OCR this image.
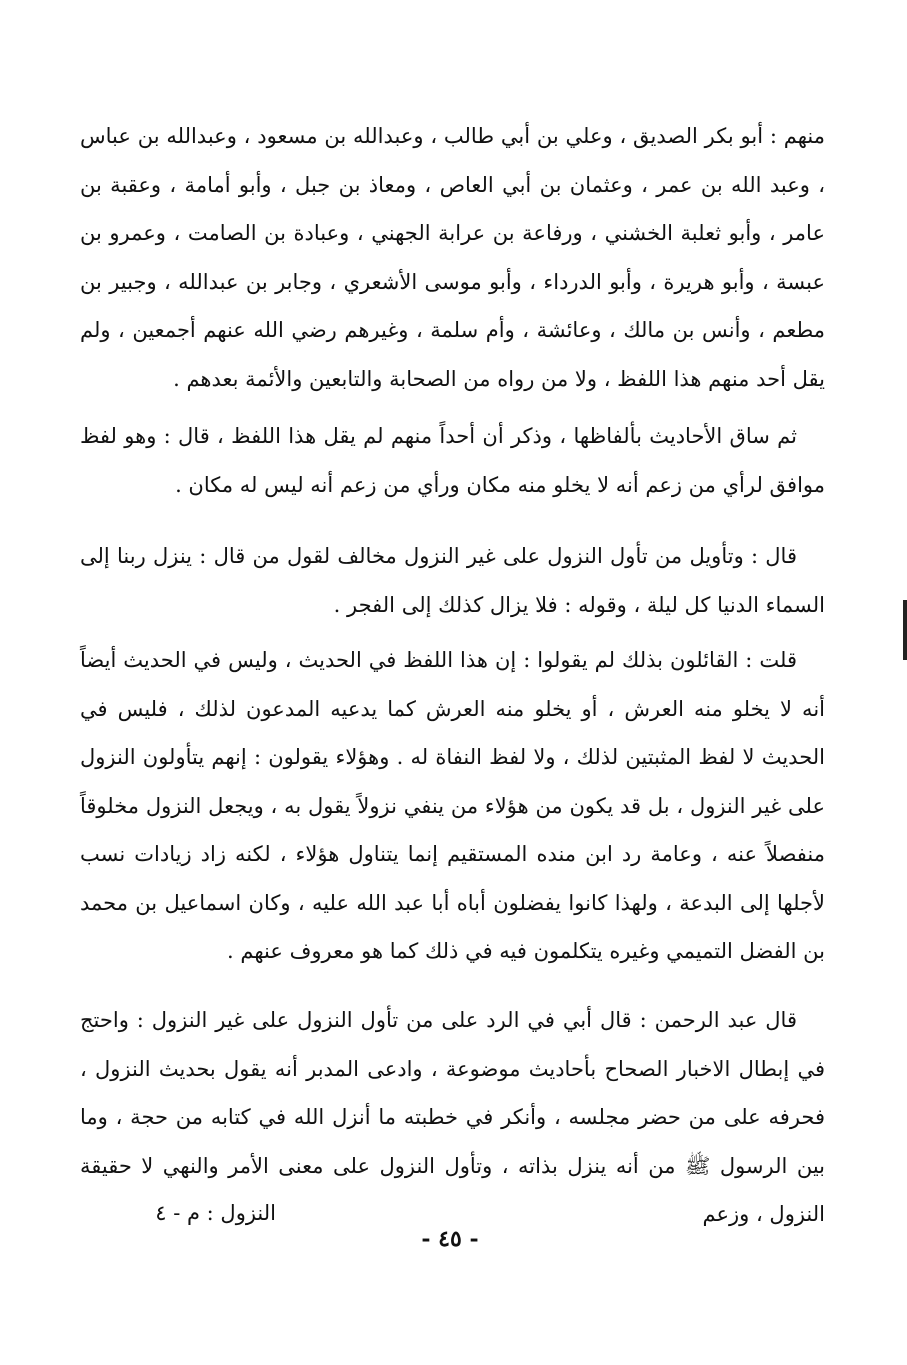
منهم : أبو بكر الصديق ، وعلي بن أبي طالب ، وعبدالله بن مسعود ، وعبدالله بن عباس ، وعبد الله بن عمر ، وعثمان بن أبي العاص ، ومعاذ بن جبل ، وأبو أمامة ، وعقبة بن عامر ، وأبو ثعلبة الخشني ، ورفاعة بن عرابة الجهني ، وعبادة بن الصامت ، وعمرو بن عبسة ، وأبو هريرة ، وأبو الدرداء ، وأبو موسى الأشعري ، وجابر بن عبدالله ، وجبير بن مطعم ، وأنس بن مالك ، وعائشة ، وأم سلمة ، وغيرهم رضي الله عنهم أجمعين ، ولم يقل أحد منهم هذا اللفظ ، ولا من رواه من الصحابة والتابعين والأئمة بعدهم .

ثم ساق الأحاديث بألفاظها ، وذكر أن أحداً منهم لم يقل هذا اللفظ ، قال : وهو لفظ موافق لرأي من زعم أنه لا يخلو منه مكان ورأي من زعم أنه ليس له مكان .

قال : وتأويل من تأول النزول على غير النزول مخالف لقول من قال : ينزل ربنا إلى السماء الدنيا كل ليلة ، وقوله : فلا يزال كذلك إلى الفجر .

قلت : القائلون بذلك لم يقولوا : إن هذا اللفظ في الحديث ، وليس في الحديث أيضاً أنه لا يخلو منه العرش ، أو يخلو منه العرش كما يدعيه المدعون لذلك ، فليس في الحديث لا لفظ المثبتين لذلك ، ولا لفظ النفاة له . وهؤلاء يقولون : إنهم يتأولون النزول على غير النزول ، بل قد يكون من هؤلاء من ينفي نزولاً يقول به ، ويجعل النزول مخلوقاً منفصلاً عنه ، وعامة رد ابن منده المستقيم إنما يتناول هؤلاء ، لكنه زاد زيادات نسب لأجلها إلى البدعة ، ولهذا كانوا يفضلون أباه أبا عبد الله عليه ، وكان اسماعيل بن محمد بن الفضل التميمي وغيره يتكلمون فيه في ذلك كما هو معروف عنهم .

قال عبد الرحمن : قال أبي في الرد على من تأول النزول على غير النزول : واحتج في إبطال الاخبار الصحاح بأحاديث موضوعة ، وادعى المدبر أنه يقول بحديث النزول ، فحرفه على من حضر مجلسه ، وأنكر في خطبته ما أنزل الله في كتابه من حجة ، وما بين الرسول ﷺ من أنه ينزل بذاته ، وتأول النزول على معنى الأمر والنهي لا حقيقة النزول ، وزعم

النزول : م - ٤
- ٤٥ -
